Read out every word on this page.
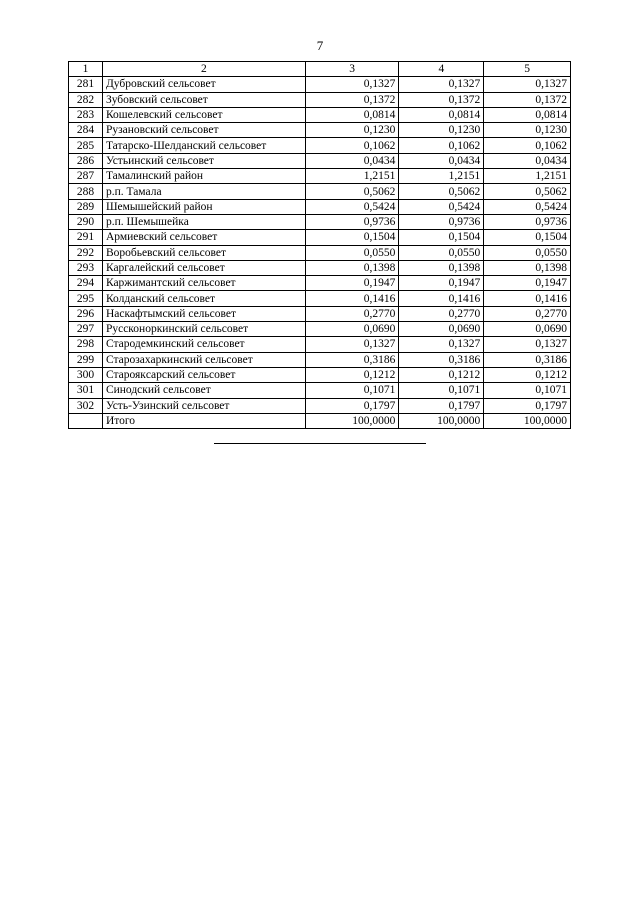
7
1	2	3	4	5
281	Дубровский сельсовет	0,1327	0,1327	0,1327
282	Зубовский сельсовет	0,1372	0,1372	0,1372
283	Кошелевский сельсовет	0,0814	0,0814	0,0814
284	Рузановский сельсовет	0,1230	0,1230	0,1230
285	Татарско-Шелданский сельсовет	0,1062	0,1062	0,1062
286	Устьинский сельсовет	0,0434	0,0434	0,0434
287	Тамалинский район	1,2151	1,2151	1,2151
288	р.п. Тамала	0,5062	0,5062	0,5062
289	Шемышейский район	0,5424	0,5424	0,5424
290	р.п. Шемышейка	0,9736	0,9736	0,9736
291	Армиевский сельсовет	0,1504	0,1504	0,1504
292	Воробьевский сельсовет	0,0550	0,0550	0,0550
293	Каргалейский сельсовет	0,1398	0,1398	0,1398
294	Каржимантский сельсовет	0,1947	0,1947	0,1947
295	Колданский сельсовет	0,1416	0,1416	0,1416
296	Наскафтымский сельсовет	0,2770	0,2770	0,2770
297	Руссконоркинский сельсовет	0,0690	0,0690	0,0690
298	Стародемкинский сельсовет	0,1327	0,1327	0,1327
299	Старозахаркинский сельсовет	0,3186	0,3186	0,3186
300	Староякcарский сельсовет	0,1212	0,1212	0,1212
301	Синодский сельсовет	0,1071	0,1071	0,1071
302	Усть-Узинский сельсовет	0,1797	0,1797	0,1797
	Итого	100,0000	100,0000	100,0000
